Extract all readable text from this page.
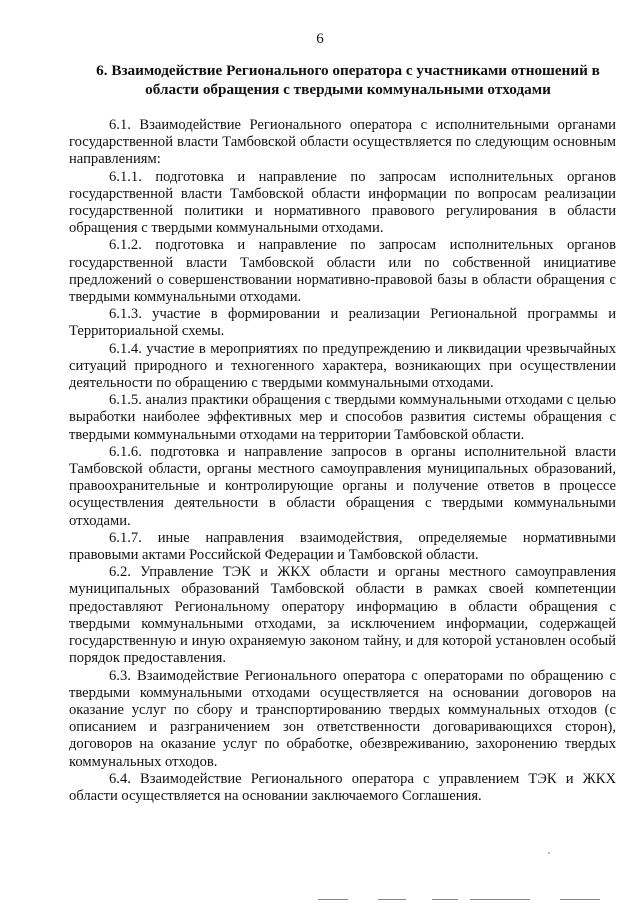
6
6. Взаимодействие Регионального оператора с участниками отношений в
области обращения с твердыми коммунальными отходами

6.1. Взаимодействие Регионального оператора с исполнительными органами государственной власти Тамбовской области осуществляется по следующим основным направлениям:

6.1.1. подготовка и направление по запросам исполнительных органов государственной власти Тамбовской области информации по вопросам реализации государственной политики и нормативного правового регулирования в области обращения с твердыми коммунальными отходами.

6.1.2. подготовка и направление по запросам исполнительных органов государственной власти Тамбовской области или по собственной инициативе предложений о совершенствовании нормативно-правовой базы в области обращения с твердыми коммунальными отходами.

6.1.3. участие в формировании и реализации Региональной программы и Территориальной схемы.

6.1.4. участие в мероприятиях по предупреждению и ликвидации чрезвычайных ситуаций природного и техногенного характера, возникающих при осуществлении деятельности по обращению с твердыми коммунальными отходами.

6.1.5. анализ практики обращения с твердыми коммунальными отходами с целью выработки наиболее эффективных мер и способов развития системы обращения с твердыми коммунальными отходами на территории Тамбовской области.

6.1.6. подготовка и направление запросов в органы исполнительной власти Тамбовской области, органы местного самоуправления муниципальных образований, правоохранительные и контролирующие органы и получение ответов в процессе осуществления деятельности в области обращения с твердыми коммунальными отходами.

6.1.7. иные направления взаимодействия, определяемые нормативными правовыми актами Российской Федерации и Тамбовской области.

6.2. Управление ТЭК и ЖКХ области и органы местного самоуправления муниципальных образований Тамбовской области в рамках своей компетенции предоставляют Региональному оператору информацию в области обращения с твердыми коммунальными отходами, за исключением информации, содержащей государственную и иную охраняемую законом тайну, и для которой установлен особый порядок предоставления.

6.3. Взаимодействие Регионального оператора с операторами по обращению с твердыми коммунальными отходами осуществляется на основании договоров на оказание услуг по сбору и транспортированию твердых коммунальных отходов (с описанием и разграничением зон ответственности договаривающихся сторон), договоров на оказание услуг по обработке, обезвреживанию, захоронению твердых коммунальных отходов.

6.4. Взаимодействие Регионального оператора с управлением ТЭК и ЖКХ области осуществляется на основании заключаемого Соглашения.
